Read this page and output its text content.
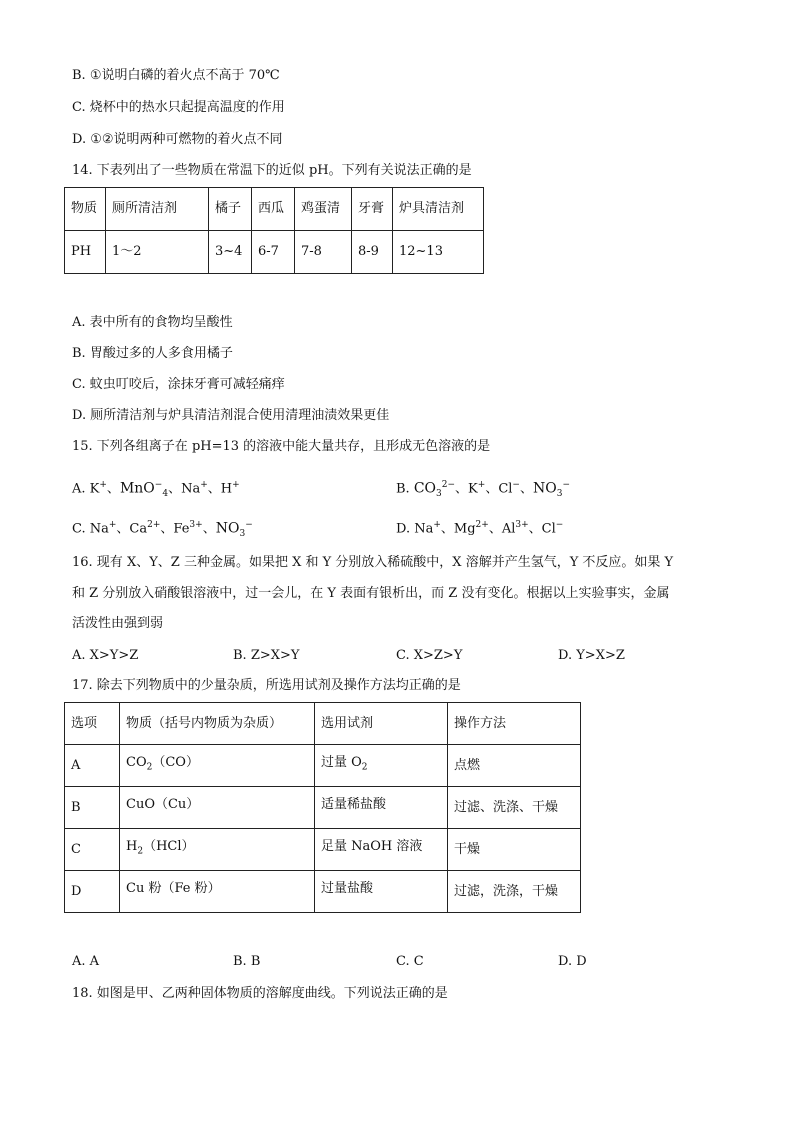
B. ①说明白磷的着火点不高于 70℃
C. 烧杯中的热水只起提高温度的作用
D. ①②说明两种可燃物的着火点不同
14. 下表列出了一些物质在常温下的近似 pH。下列有关说法正确的是
物质	厕所清洁剂	橘子	西瓜	鸡蛋清	牙膏	炉具清洁剂
PH	1～2	3~4	6-7	7-8	8-9	12~13
A. 表中所有的食物均呈酸性
B. 胃酸过多的人多食用橘子
C. 蚊虫叮咬后，涂抹牙膏可减轻痛痒
D. 厕所清洁剂与炉具清洁剂混合使用清理油渍效果更佳
15. 下列各组离子在 pH=13 的溶液中能大量共存，且形成无色溶液的是
A. K+、MnO−$_4$、Na+、H+	B. $CO_3^{2-}$、K+、Cl−、$NO_3^-$
C. Na+、$Ca^{2+}$、$Fe^{3+}$、$NO_3^-$	D. Na+、$Mg^{2+}$、$Al^{3+}$、Cl−
16. 现有 X、Y、Z 三种金属。如果把 X 和 Y 分别放入稀硫酸中，X 溶解并产生氢气，Y 不反应。如果 Y
和 Z 分别放入硝酸银溶液中，过一会儿，在 Y 表面有银析出，而 Z 没有变化。根据以上实验事实，金属
活泼性由强到弱
A. X>Y>Z	B. Z>X>Y	C. X>Z>Y	D. Y>X>Z
17. 除去下列物质中的少量杂质，所选用试剂及操作方法均正确的是
选项	物质（括号内物质为杂质）	选用试剂	操作方法
A	$CO_2(CO)$	过量 $O_2$	点燃
B	CuO（Cu）	适量稀盐酸	过滤、洗涤、干燥
C	$H_2(HCl)$	足量 NaOH 溶液	干燥
D	Cu 粉（Fe 粉）	过量盐酸	过滤，洗涤，干燥
A. A	B. B	C. C	D. D
18. 如图是甲、乙两种固体物质的溶解度曲线。下列说法正确的是
